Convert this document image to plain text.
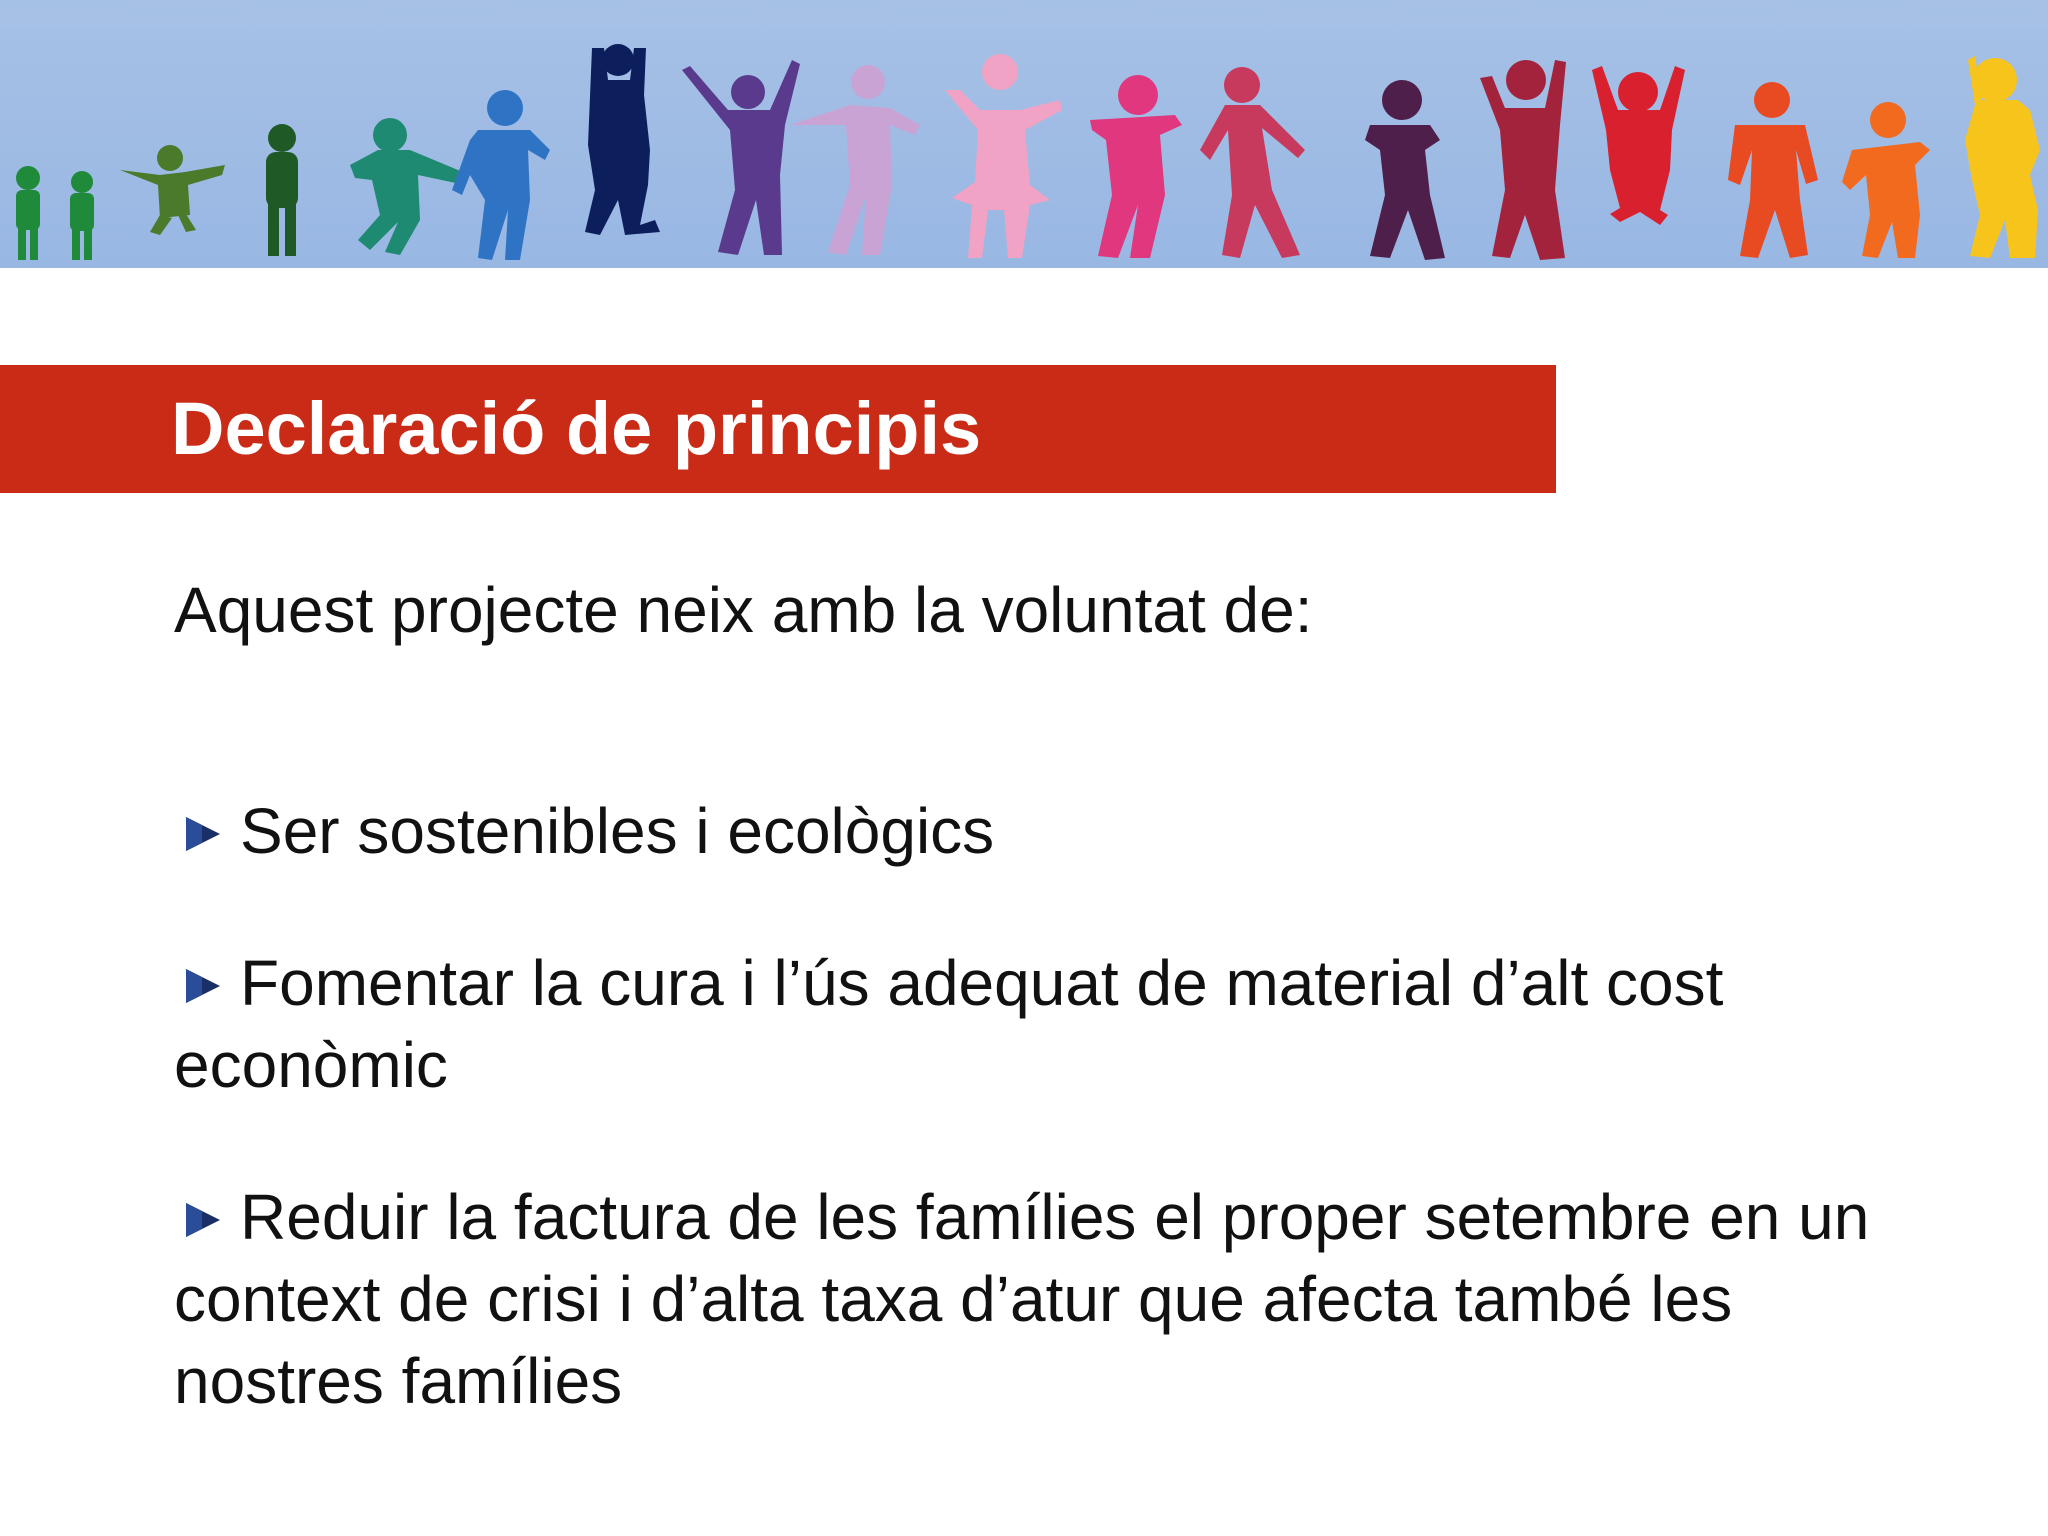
Declaració de principis
Aquest projecte neix amb la voluntat de:
Ser sostenibles i ecològics
Fomentar la cura i l’ús adequat de material d’alt cost econòmic
Reduir la factura de les famílies el proper setembre en un context de crisi i d’alta taxa d’atur que afecta també les nostres famílies
